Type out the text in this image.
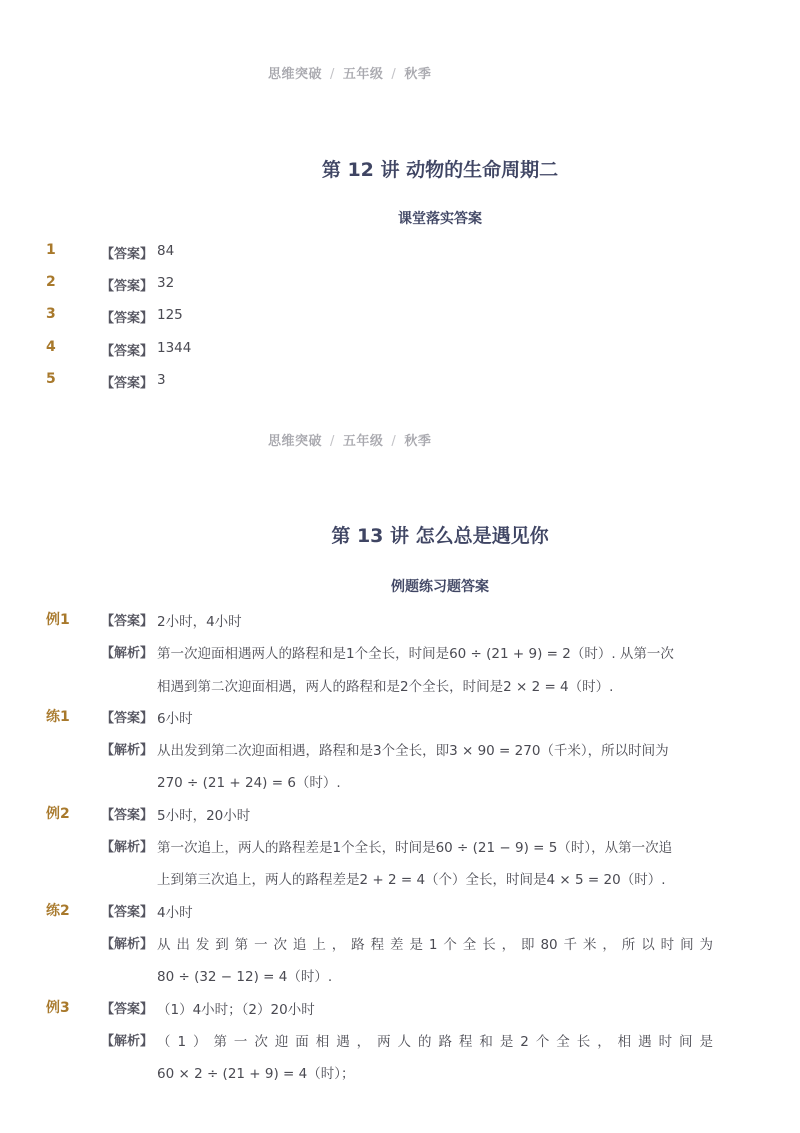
思维突破 / 五年级 / 秋季
第 12 讲 动物的生命周期二
课堂落实答案
1	【答案】 84
2	【答案】 32
3	【答案】 125
4	【答案】 1344
5	【答案】 3
思维突破 / 五年级 / 秋季
第 13 讲 怎么总是遇见你
例题练习题答案
例1 【答案】 2小时，4小时
【解析】 第一次迎面相遇两人的路程和是1个全长，时间是60 ÷ (21 + 9) = 2（时）. 从第一次
相遇到第二次迎面相遇，两人的路程和是2个全长，时间是2 × 2 = 4（时）.
练1 【答案】 6小时
【解析】 从出发到第二次迎面相遇，路程和是3个全长，即3 × 90 = 270（千米），所以时间为
270 ÷ (21 + 24) = 6（时）.
例2 【答案】 5小时，20小时
【解析】 第一次追上，两人的路程差是1个全长，时间是60 ÷ (21 − 9) = 5（时），从第一次追
上到第三次追上，两人的路程差是2 + 2 = 4（个）全长，时间是4 × 5 = 20（时）.
练2 【答案】 4小时
【解析】 从出发到第一次追上，路程差是1个全长，即80千米，所以时间为
80 ÷ (32 − 12) = 4（时）.
例3 【答案】 （1）4小时；（2）20小时
【解析】 （1）第一次迎面相遇，两人的路程和是2个全长，相遇时间是
60 × 2 ÷ (21 + 9) = 4（时）；
